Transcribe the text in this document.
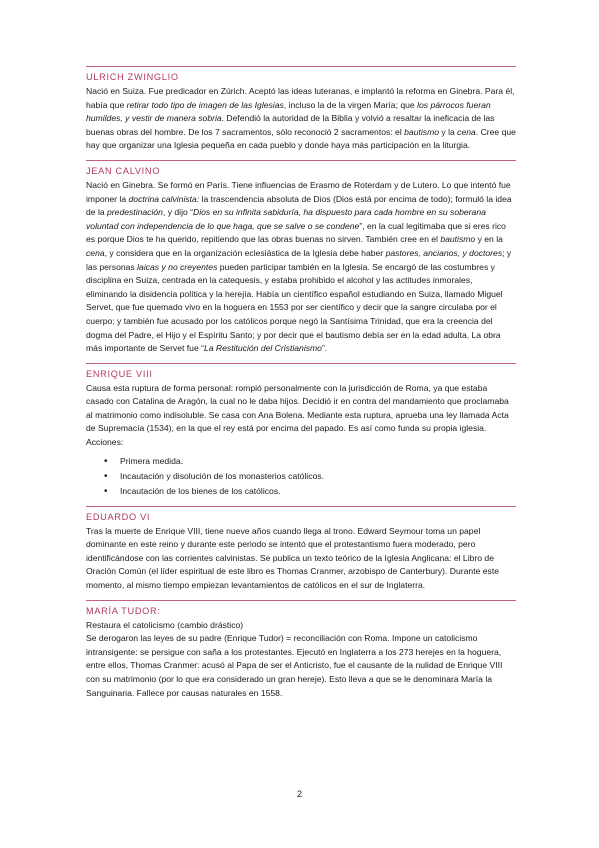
ULRICH ZWINGLIO

Nació en Suiza. Fue predicador en Zúrich. Aceptó las ideas luteranas, e implantó la reforma en Ginebra. Para él, había que retirar todo tipo de imagen de las Iglesias, incluso la de la virgen María; que los párrocos fueran humildes, y vestir de manera sobria. Defendió la autoridad de la Biblia y volvió a resaltar la ineficacia de las buenas obras del hombre. De los 7 sacramentos, sólo reconoció 2 sacramentos: el bautismo y la cena. Cree que hay que organizar una Iglesia pequeña en cada pueblo y donde haya más participación en la liturgia.

JEAN CALVINO

Nació en Ginebra. Se formó en París. Tiene influencias de Erasmo de Roterdam y de Lutero. Lo que intentó fue imponer la doctrina calvinista: la trascendencia absoluta de Dios (Dios está por encima de todo); formuló la idea de la predestinación, y dijo “Dios en su infinita sabiduría, ha dispuesto para cada hombre en su soberana voluntad con independencia de lo que haga, que se salve o se condene”, en la cual legitimaba que si eres rico es porque Dios te ha querido, repitiendo que las obras buenas no sirven. También cree en el bautismo y en la cena, y considera que en la organización eclesiástica de la Iglesia debe haber pastores, ancianos, y doctores; y las personas laicas y no creyentes pueden participar también en la Iglesia. Se encargó de las costumbres y disciplina en Suiza, centrada en la catequesis, y estaba prohibido el alcohol y las actitudes inmorales, eliminando la disidencia política y la herejía. Había un científico español estudiando en Suiza, llamado Miguel Servet, que fue quemado vivo en la hoguera en 1553 por ser científico y decir que la sangre circulaba por el cuerpo; y también fue acusado por los católicos porque negó la Santísima Trinidad, que era la creencia del dogma del Padre, el Hijo y el Espíritu Santo; y por decir que el bautismo debía ser en la edad adulta. La obra más importante de Servet fue “La Restitución del Cristianismo”.

ENRIQUE VIII

Causa esta ruptura de forma personal: rompió personalmente con la jurisdicción de Roma, ya que estaba casado con Catalina de Aragón, la cual no le daba hijos. Decidió ir en contra del mandamiento que proclamaba al matrimonio como indisoluble. Se casa con Ana Bolena. Mediante esta ruptura, aprueba una ley llamada Acta de Supremacía (1534), en la que el rey está por encima del papado. Es así como funda su propia iglesia. Acciones:

• Primera medida.
• Incautación y disolución de los monasterios católicos.
• Incautación de los bienes de los católicos.
EDUARDO VI

Tras la muerte de Enrique VIII, tiene nueve años cuando llega al trono. Edward Seymour toma un papel dominante en este reino y durante este periodo se intentó que el protestantismo fuera moderado, pero identificándose con las corrientes calvinistas. Se publica un texto teórico de la Iglesia Anglicana: el Libro de Oración Común (el líder espiritual de este libro es Thomas Cranmer, arzobispo de Canterbury). Durante este momento, al mismo tiempo empiezan levantamientos de católicos en el sur de Inglaterra.

MARÍA TUDOR:

Restaura el catolicismo (cambio drástico)

Se derogaron las leyes de su padre (Enrique Tudor) = reconciliación con Roma. Impone un catolicismo intransigente: se persigue con saña a los protestantes. Ejecutó en Inglaterra a los 273 herejes en la hoguera, entre ellos, Thomas Cranmer: acusó al Papa de ser el Anticristo, fue el causante de la nulidad de Enrique VIII con su matrimonio (por lo que era considerado un gran hereje). Esto lleva a que se le denominara María la Sanguinaria. Fallece por causas naturales en 1558.

2
